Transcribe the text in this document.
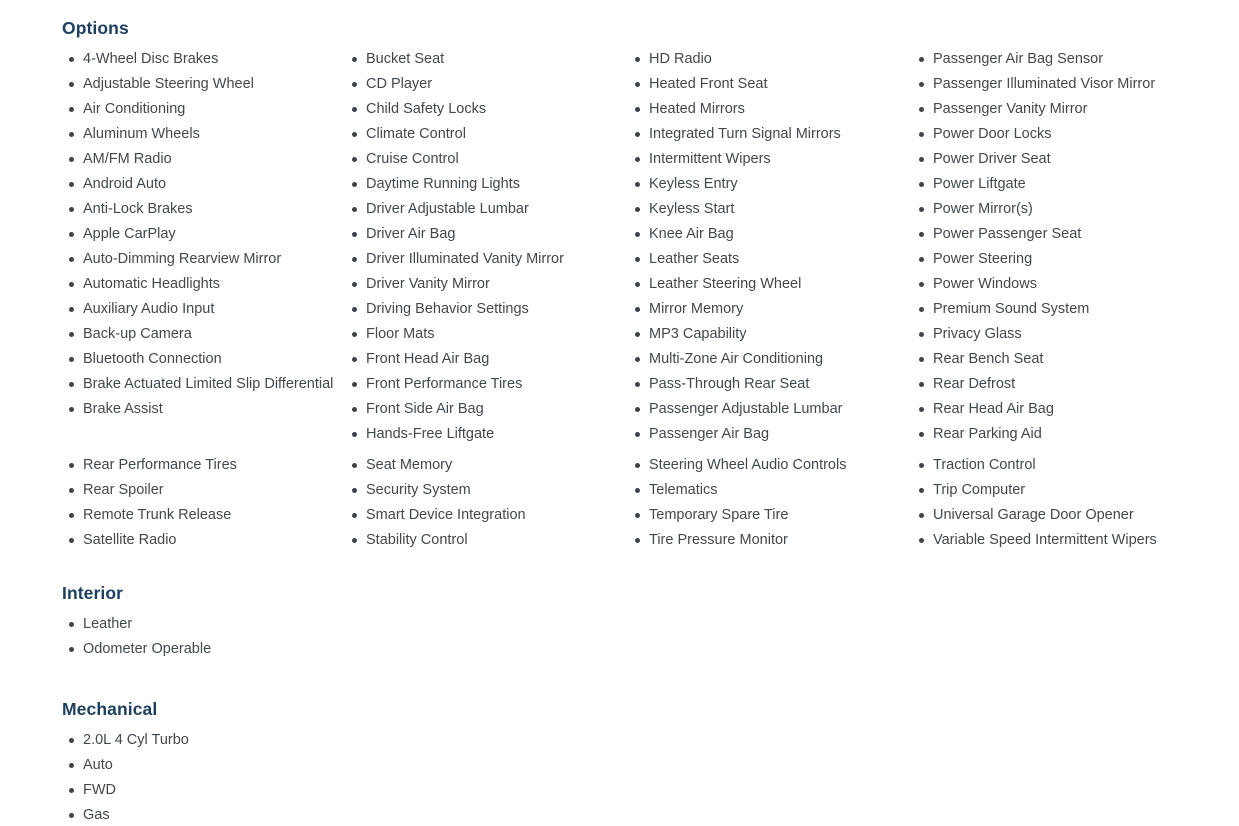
Options
4-Wheel Disc Brakes
Adjustable Steering Wheel
Air Conditioning
Aluminum Wheels
AM/FM Radio
Android Auto
Anti-Lock Brakes
Apple CarPlay
Auto-Dimming Rearview Mirror
Automatic Headlights
Auxiliary Audio Input
Back-up Camera
Bluetooth Connection
Brake Actuated Limited Slip Differential
Brake Assist
Bucket Seat
CD Player
Child Safety Locks
Climate Control
Cruise Control
Daytime Running Lights
Driver Adjustable Lumbar
Driver Air Bag
Driver Illuminated Vanity Mirror
Driver Vanity Mirror
Driving Behavior Settings
Floor Mats
Front Head Air Bag
Front Performance Tires
Front Side Air Bag
Hands-Free Liftgate
HD Radio
Heated Front Seat
Heated Mirrors
Integrated Turn Signal Mirrors
Intermittent Wipers
Keyless Entry
Keyless Start
Knee Air Bag
Leather Seats
Leather Steering Wheel
Mirror Memory
MP3 Capability
Multi-Zone Air Conditioning
Pass-Through Rear Seat
Passenger Adjustable Lumbar
Passenger Air Bag
Passenger Air Bag Sensor
Passenger Illuminated Visor Mirror
Passenger Vanity Mirror
Power Door Locks
Power Driver Seat
Power Liftgate
Power Mirror(s)
Power Passenger Seat
Power Steering
Power Windows
Premium Sound System
Privacy Glass
Rear Bench Seat
Rear Defrost
Rear Head Air Bag
Rear Parking Aid
Rear Performance Tires
Rear Spoiler
Remote Trunk Release
Satellite Radio
Seat Memory
Security System
Smart Device Integration
Stability Control
Steering Wheel Audio Controls
Telematics
Temporary Spare Tire
Tire Pressure Monitor
Traction Control
Trip Computer
Universal Garage Door Opener
Variable Speed Intermittent Wipers
Interior
Leather
Odometer Operable
Mechanical
2.0L 4 Cyl Turbo
Auto
FWD
Gas
